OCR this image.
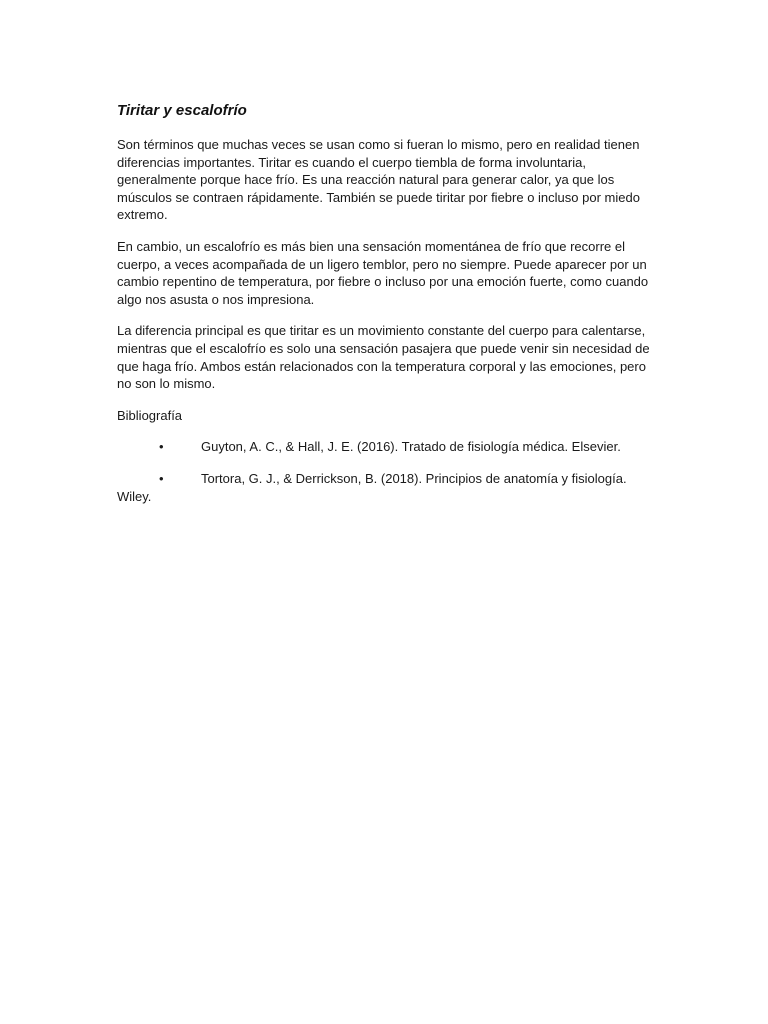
Tiritar y escalofrío

Son términos que muchas veces se usan como si fueran lo mismo, pero en realidad tienen diferencias importantes. Tiritar es cuando el cuerpo tiembla de forma involuntaria, generalmente porque hace frío. Es una reacción natural para generar calor, ya que los músculos se contraen rápidamente. También se puede tiritar por fiebre o incluso por miedo extremo.

En cambio, un escalofrío es más bien una sensación momentánea de frío que recorre el cuerpo, a veces acompañada de un ligero temblor, pero no siempre. Puede aparecer por un cambio repentino de temperatura, por fiebre o incluso por una emoción fuerte, como cuando algo nos asusta o nos impresiona.

La diferencia principal es que tiritar es un movimiento constante del cuerpo para calentarse, mientras que el escalofrío es solo una sensación pasajera que puede venir sin necesidad de que haga frío. Ambos están relacionados con la temperatura corporal y las emociones, pero no son lo mismo.

Bibliografía

•	Guyton, A. C., & Hall, J. E. (2016). Tratado de fisiología médica. Elsevier.
•	Tortora, G. J., & Derrickson, B. (2018). Principios de anatomía y fisiología. Wiley.
